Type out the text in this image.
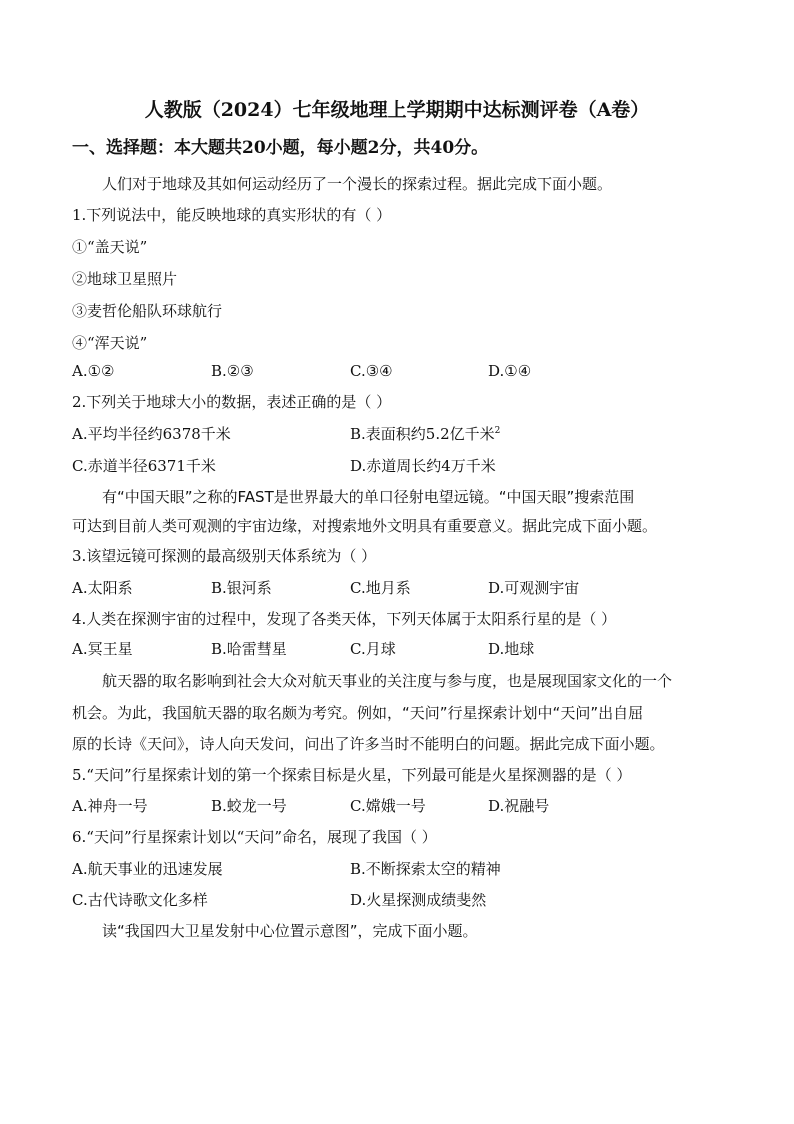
人教版（2024）七年级地理上学期期中达标测评卷（A卷）
一、选择题：本大题共20小题，每小题2分，共40分。
人们对于地球及其如何运动经历了一个漫长的探索过程。据此完成下面小题。
1.下列说法中，能反映地球的真实形状的有（ ）
①“盖天说”
②地球卫星照片
③麦哲伦船队环球航行
④“浑天说”
A.①②	B.②③	C.③④	D.①④
2.下列关于地球大小的数据，表述正确的是（ ）
A.平均半径约6378千米	B.表面积约5.2亿千米$^2$
C.赤道半径6371千米	D.赤道周长约4万千米
有“中国天眼”之称的FAST是世界最大的单口径射电望远镜。“中国天眼”搜索范围
可达到目前人类可观测的宇宙边缘，对搜索地外文明具有重要意义。据此完成下面小题。
3.该望远镜可探测的最高级别天体系统为（ ）
A.太阳系	B.银河系	C.地月系	D.可观测宇宙
4.人类在探测宇宙的过程中，发现了各类天体，下列天体属于太阳系行星的是（ ）
A.冥王星	B.哈雷彗星	C.月球	D.地球
航天器的取名影响到社会大众对航天事业的关注度与参与度，也是展现国家文化的一个
机会。为此，我国航天器的取名颇为考究。例如，“天问”行星探索计划中“天问”出自屈
原的长诗《天问》，诗人向天发问，问出了许多当时不能明白的问题。据此完成下面小题。
5.“天问”行星探索计划的第一个探索目标是火星，下列最可能是火星探测器的是（ ）
A.神舟一号	B.蛟龙一号	C.嫦娥一号	D.祝融号
6.“天问”行星探索计划以“天问”命名，展现了我国（ ）
A.航天事业的迅速发展	B.不断探索太空的精神
C.古代诗歌文化多样	D.火星探测成绩斐然
读“我国四大卫星发射中心位置示意图”，完成下面小题。
